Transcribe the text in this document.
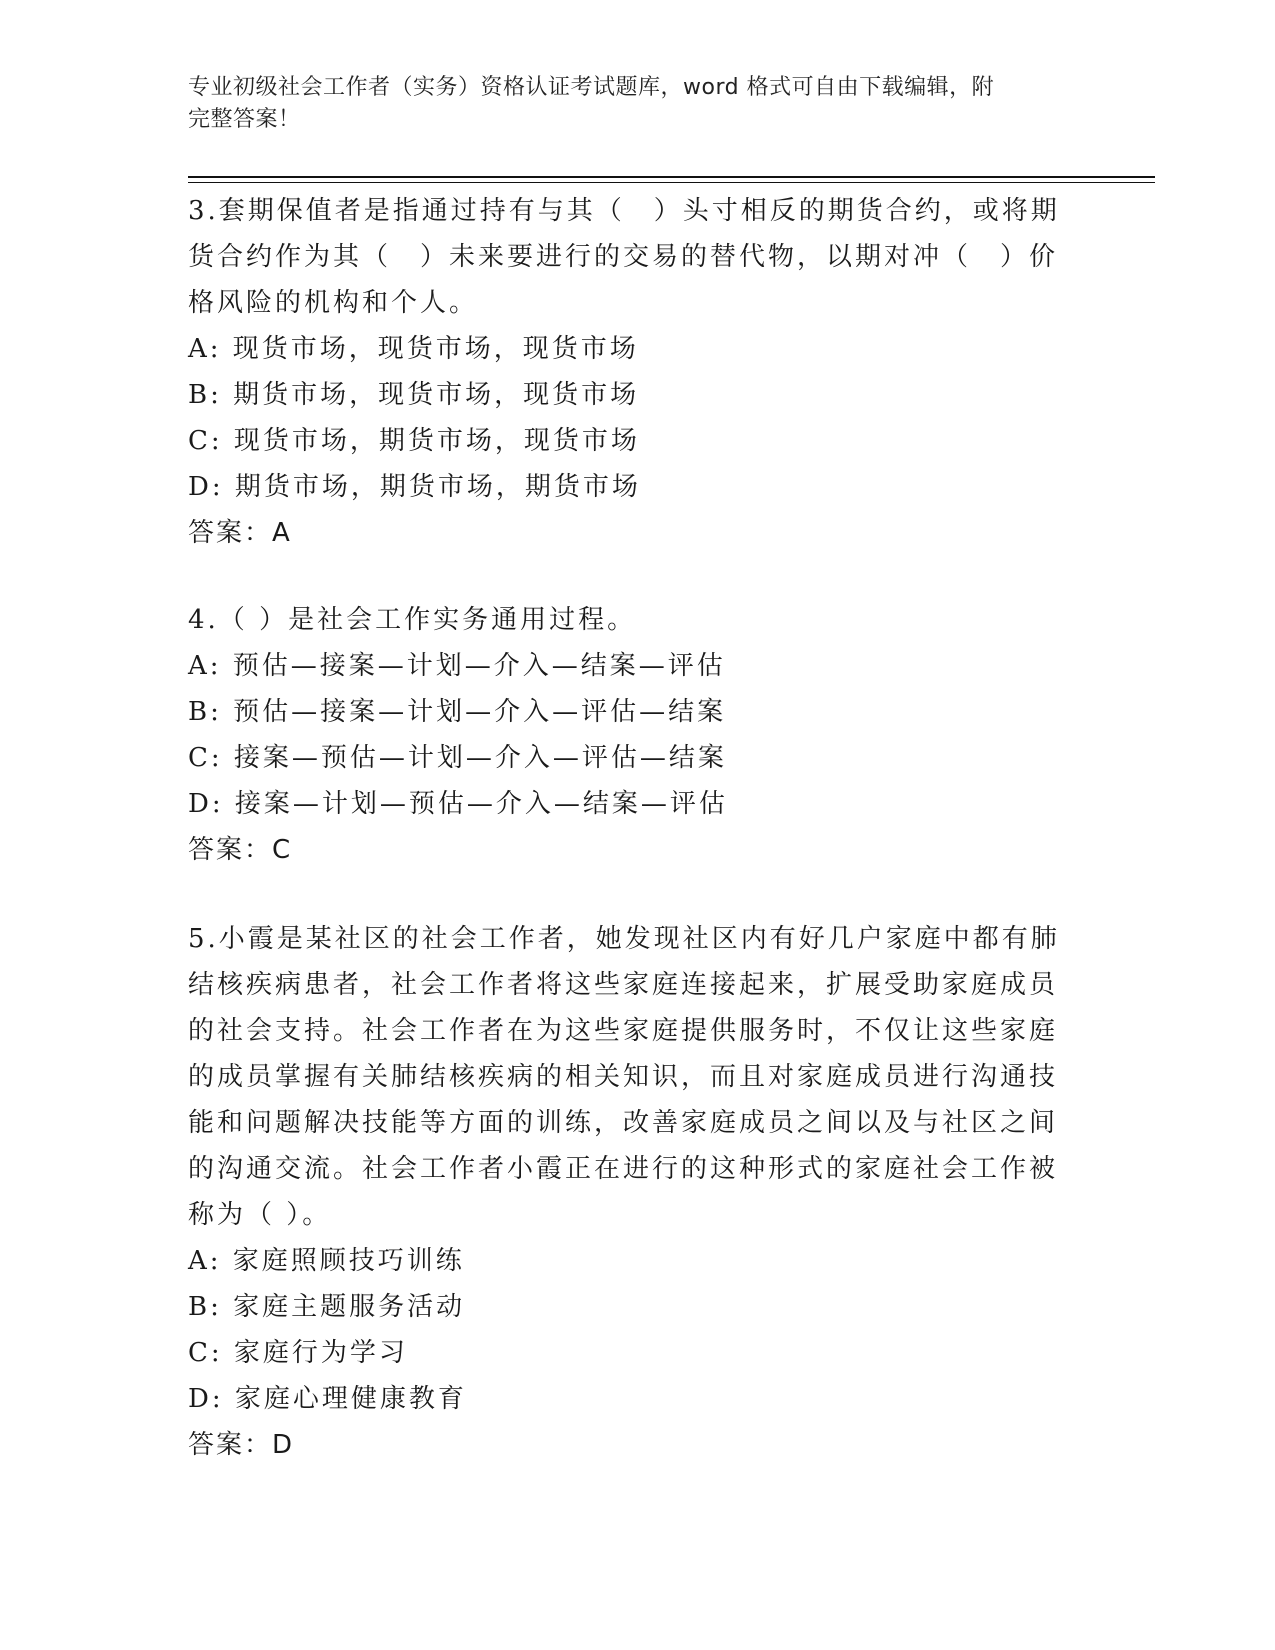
专业初级社会工作者（实务）资格认证考试题库，word 格式可自由下载编辑，附
完整答案！

3.套期保值者是指通过持有与其（　）头寸相反的期货合约，或将期货合约作为其（　）未来要进行的交易的替代物，以期对冲（　）价格风险的机构和个人。

A: 现货市场，现货市场，现货市场

B: 期货市场，现货市场，现货市场

C: 现货市场，期货市场，现货市场

D: 期货市场，期货市场，期货市场

答案：A

4.（ ）是社会工作实务通用过程。

A: 预估—接案—计划—介入—结案—评估

B: 预估—接案—计划—介入—评估—结案

C: 接案—预估—计划—介入—评估—结案

D: 接案—计划—预估—介入—结案—评估

答案：C

5.小霞是某社区的社会工作者，她发现社区内有好几户家庭中都有肺结核疾病患者，社会工作者将这些家庭连接起来，扩展受助家庭成员的社会支持。社会工作者在为这些家庭提供服务时，不仅让这些家庭的成员掌握有关肺结核疾病的相关知识，而且对家庭成员进行沟通技能和问题解决技能等方面的训练，改善家庭成员之间以及与社区之间的沟通交流。社会工作者小霞正在进行的这种形式的家庭社会工作被称为（ ）。

A: 家庭照顾技巧训练

B: 家庭主题服务活动

C: 家庭行为学习

D: 家庭心理健康教育

答案：D
